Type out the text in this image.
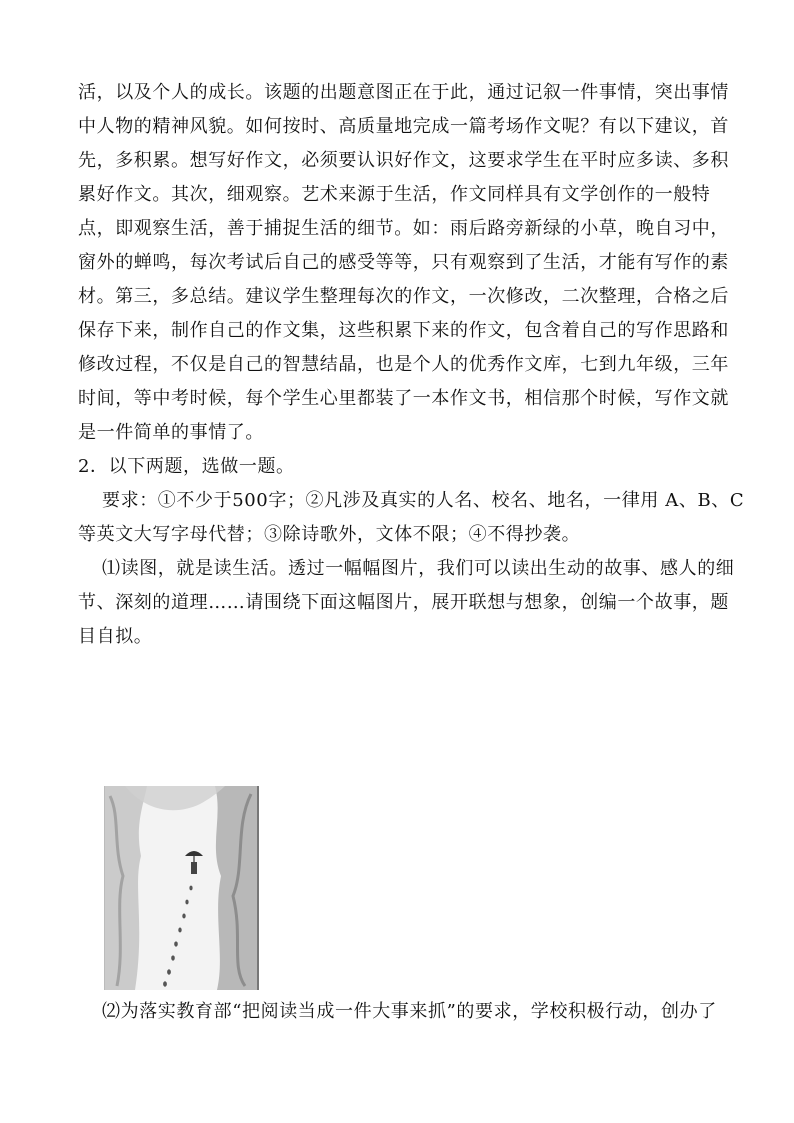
活，以及个人的成长。该题的出题意图正在于此，通过记叙一件事情，突出事情
中人物的精神风貌。如何按时、高质量地完成一篇考场作文呢？有以下建议，首
先，多积累。想写好作文，必须要认识好作文，这要求学生在平时应多读、多积
累好作文。其次，细观察。艺术来源于生活，作文同样具有文学创作的一般特
点，即观察生活，善于捕捉生活的细节。如：雨后路旁新绿的小草，晚自习中，
窗外的蝉鸣，每次考试后自己的感受等等，只有观察到了生活，才能有写作的素
材。第三，多总结。建议学生整理每次的作文，一次修改，二次整理，合格之后
保存下来，制作自己的作文集，这些积累下来的作文，包含着自己的写作思路和
修改过程，不仅是自己的智慧结晶，也是个人的优秀作文库，七到九年级，三年
时间，等中考时候，每个学生心里都装了一本作文书，相信那个时候，写作文就
是一件简单的事情了。
2．以下两题，选做一题。
要求：①不少于500字；②凡涉及真实的人名、校名、地名，一律用 A、B、C
等英文大写字母代替；③除诗歌外，文体不限；④不得抄袭。
⑴读图，就是读生活。透过一幅幅图片，我们可以读出生动的故事、感人的细
节、深刻的道理……请围绕下面这幅图片，展开联想与想象，创编一个故事，题
目自拟。
⑵为落实教育部“把阅读当成一件大事来抓”的要求，学校积极行动，创办了
